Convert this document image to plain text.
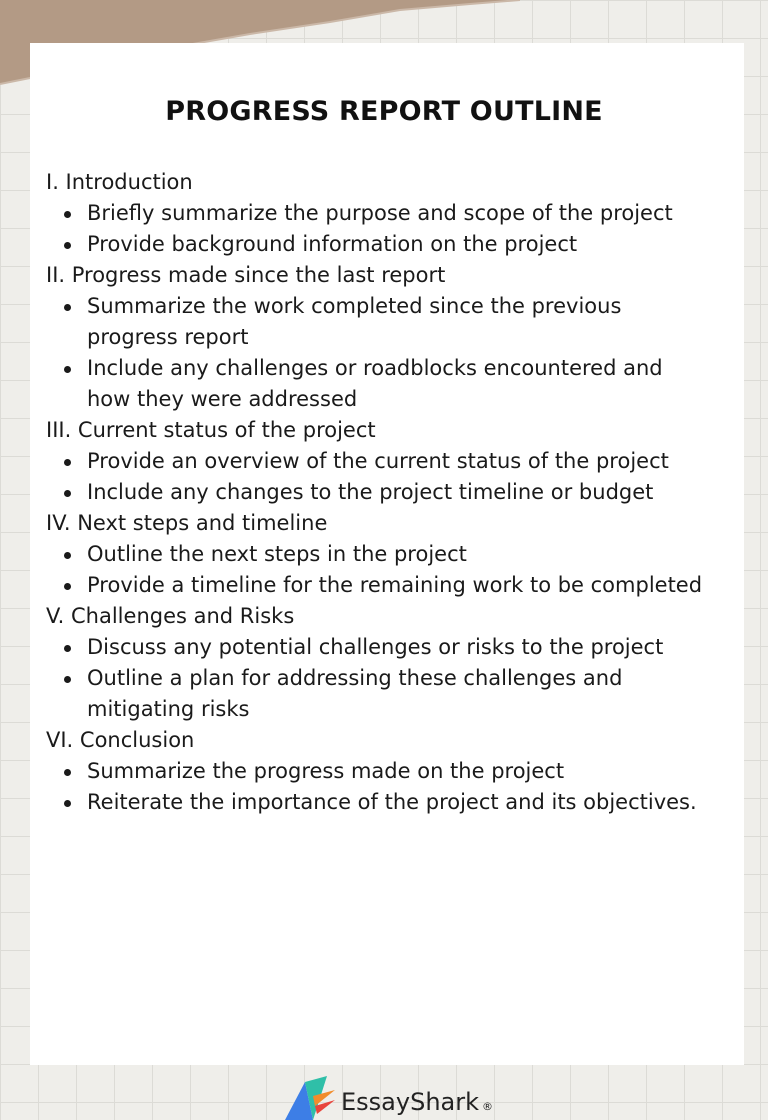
PROGRESS REPORT OUTLINE
I. Introduction
Briefly summarize the purpose and scope of the project
Provide background information on the project
II. Progress made since the last report
Summarize the work completed since the previous progress report
Include any challenges or roadblocks encountered and how they were addressed
III. Current status of the project
Provide an overview of the current status of the project
Include any changes to the project timeline or budget
IV. Next steps and timeline
Outline the next steps in the project
Provide a timeline for the remaining work to be completed
V. Challenges and Risks
Discuss any potential challenges or risks to the project
Outline a plan for addressing these challenges and mitigating risks
VI. Conclusion
Summarize the progress made on the project
Reiterate the importance of the project and its objectives.
EssayShark ®
